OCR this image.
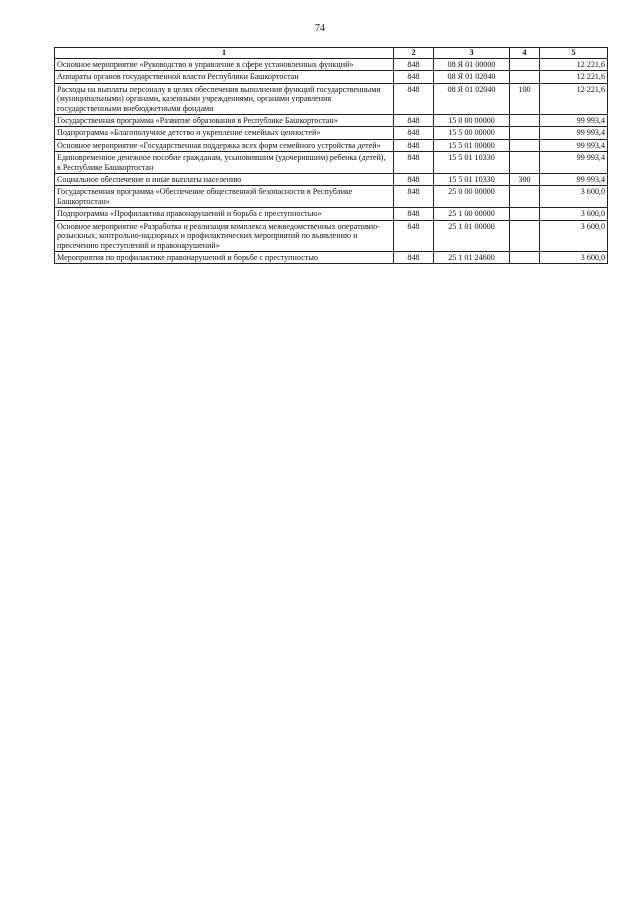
74
1	2	3	4	5
Основное мероприятие «Руководство и управление в сфере установленных функций»	848	08 Я 01 00000		12 221,6
Аппараты органов государственной власти Республики Башкортостан	848	08 Я 01 02040		12 221,6
Расходы на выплаты персоналу в целях обеспечения выполнения функций государственными (муниципальными) органами, казенными учреждениями, органами управления государственными внебюджетными фондами	848	08 Я 01 02040	100	12 221,6
Государственная программа «Развитие образования в Республике Башкортостан»	848	15 0 00 00000		99 993,4
Подпрограмма «Благополучное детство и укрепление семейных ценностей»	848	15 5 00 00000		99 993,4
Основное мероприятие «Государственная поддержка всех форм семейного устройства детей»	848	15 5 01 00000		99 993,4
Единовременное денежное пособие гражданам, усыновившим (удочерившим) ребенка (детей), в Республике Башкортостан	848	15 5 01 10330		99 993,4
Социальное обеспечение и иные выплаты населению	848	15 5 01 10330	300	99 993,4
Государственная программа «Обеспечение общественной безопасности в Республике Башкортостан»	848	25 0 00 00000		3 600,0
Подпрограмма «Профилактика правонарушений и борьба с преступностью»	848	25 1 00 00000		3 600,0
Основное мероприятие «Разработка и реализация комплекса межведомственных оперативно-розыскных, контрольно-надзорных и профилактических мероприятий по выявлению и пресечению преступлений и правонарушений»	848	25 1 01 00000		3 600,0
Мероприятия по профилактике правонарушений и борьбе с преступностью	848	25 1 01 24600		3 600,0
